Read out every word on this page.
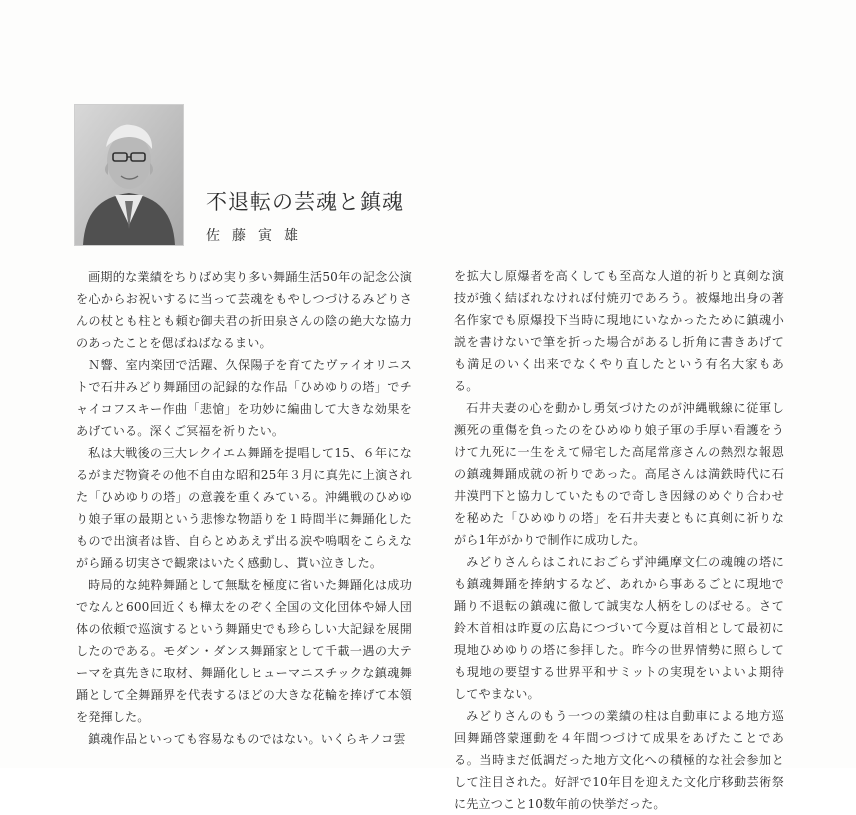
不退転の芸魂と鎮魂
佐藤寅雄

画期的な業績をちりばめ実り多い舞踊生活50年の記念公演を心からお祝いするに当って芸魂をもやしつづけるみどりさんの杖とも柱とも頼む御夫君の折田泉さんの陰の絶大な協力のあったことを偲ばねばなるまい。

Ｎ響、室内楽団で活躍、久保陽子を育てたヴァイオリニストで石井みどり舞踊団の記録的な作品「ひめゆりの塔」でチャイコフスキー作曲「悲愴」を功妙に編曲して大きな効果をあげている。深くご冥福を祈りたい。

私は大戦後の三大レクイエム舞踊を提唱して15、６年になるがまだ物資その他不自由な昭和25年３月に真先に上演された「ひめゆりの塔」の意義を重くみている。沖縄戦のひめゆり娘子軍の最期という悲惨な物語りを１時間半に舞踊化したもので出演者は皆、自らとめあえず出る涙や嗚咽をこらえながら踊る切実さで観衆はいたく感動し、貰い泣きした。

時局的な純粋舞踊として無駄を極度に省いた舞踊化は成功でなんと600回近くも樺太をのぞく全国の文化団体や婦人団体の依頼で巡演するという舞踊史でも珍らしい大記録を展開したのである。モダン・ダンス舞踊家として千載一遇の大テーマを真先きに取材、舞踊化しヒューマニスチックな鎮魂舞踊として全舞踊界を代表するほどの大きな花輪を捧げて本領を発揮した。

鎮魂作品といっても容易なものではない。いくらキノコ雲

を拡大し原爆者を高くしても至高な人道的祈りと真剣な演技が強く結ばれなければ付焼刃であろう。被爆地出身の著名作家でも原爆投下当時に現地にいなかったために鎮魂小説を書けないで筆を折った場合があるし折角に書きあげても満足のいく出来でなくやり直したという有名大家もある。

石井夫妻の心を動かし勇気づけたのが沖縄戦線に従軍し瀕死の重傷を負ったのをひめゆり娘子軍の手厚い看護をうけて九死に一生をえて帰宅した高尾常彦さんの熱烈な報恩の鎮魂舞踊成就の祈りであった。高尾さんは満鉄時代に石井漠門下と協力していたもので奇しき因縁のめぐり合わせを秘めた「ひめゆりの塔」を石井夫妻ともに真剣に祈りながら1年がかりで制作に成功した。

みどりさんらはこれにおごらず沖縄摩文仁の魂魄の塔にも鎮魂舞踊を捧納するなど、あれから事あるごとに現地で踊り不退転の鎮魂に徹して誠実な人柄をしのばせる。さて鈴木首相は昨夏の広島につづいて今夏は首相として最初に現地ひめゆりの塔に参拝した。昨今の世界情勢に照らしても現地の要望する世界平和サミットの実現をいよいよ期待してやまない。

みどりさんのもう一つの業績の柱は自動車による地方巡回舞踊啓蒙運動を４年間つづけて成果をあげたことである。当時まだ低調だった地方文化への積極的な社会参加として注目された。好評で10年目を迎えた文化庁移動芸術祭に先立つこと10数年前の快挙だった。
